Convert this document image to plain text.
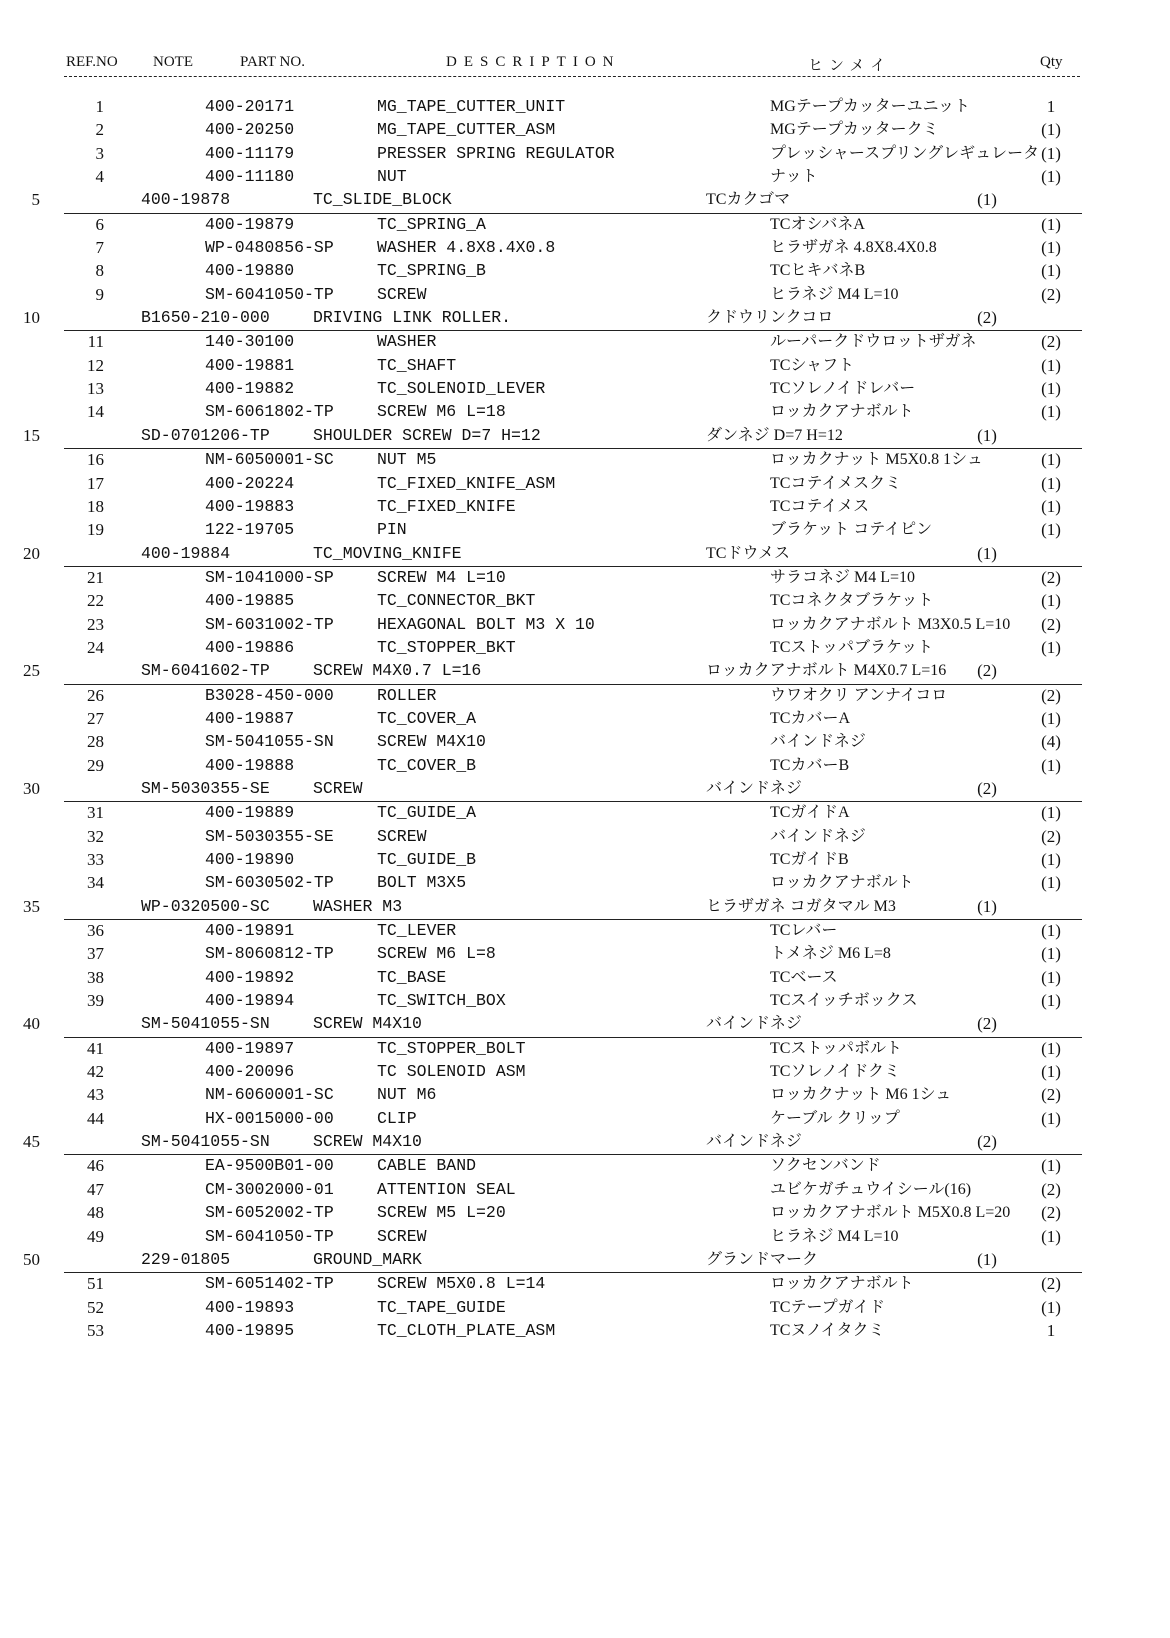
REF.NO NOTE	PART NO.	DESCRIPTION	ヒンメイ	Qty
1	400-20171	MG_TAPE_CUTTER_UNIT	MGテープカッターユニット	1
2	400-20250	MG_TAPE_CUTTER_ASM	MGテープカッタークミ	(1)
3	400-11179	PRESSER SPRING REGULATOR	プレッシャースプリングレギュレータ (1)
4	400-11180	NUT	ナット	(1)
5	400-19878	TC_SLIDE_BLOCK	TCカクゴマ	(1)
6	400-19879	TC_SPRING_A	TCオシバネA	(1)
7	WP-0480856-SP	WASHER 4.8X8.4X0.8	ヒラザガネ 4.8X8.4X0.8	(1)
8	400-19880	TC_SPRING_B	TCヒキバネB	(1)
9	SM-6041050-TP	SCREW	ヒラネジ M4 L=10	(2)
10	B1650-210-000	DRIVING LINK ROLLER.	クドウリンクコロ	(2)
11	140-30100	WASHER	ルーパークドウロットザガネ	(2)
12	400-19881	TC_SHAFT	TCシャフト	(1)
13	400-19882	TC_SOLENOID_LEVER	TCソレノイドレバー	(1)
14	SM-6061802-TP	SCREW M6 L=18	ロッカクアナボルト	(1)
15	SD-0701206-TP	SHOULDER SCREW D=7 H=12	ダンネジ D=7 H=12	(1)
16	NM-6050001-SC	NUT M5	ロッカクナット M5X0.8 1シュ	(1)
17	400-20224	TC_FIXED_KNIFE_ASM	TCコテイメスクミ	(1)
18	400-19883	TC_FIXED_KNIFE	TCコテイメス	(1)
19	122-19705	PIN	ブラケット コテイピン	(1)
20	400-19884	TC_MOVING_KNIFE	TCドウメス	(1)
21	SM-1041000-SP	SCREW M4 L=10	サラコネジ M4 L=10	(2)
22	400-19885	TC_CONNECTOR_BKT	TCコネクタブラケット	(1)
23	SM-6031002-TP	HEXAGONAL BOLT M3 X 10	ロッカクアナボルト M3X0.5 L=10	(2)
24	400-19886	TC_STOPPER_BKT	TCストッパブラケット	(1)
25	SM-6041602-TP	SCREW M4X0.7 L=16	ロッカクアナボルト M4X0.7 L=16	(2)
26	B3028-450-000	ROLLER	ウワオクリ アンナイコロ	(2)
27	400-19887	TC_COVER_A	TCカバーA	(1)
28	SM-5041055-SN	SCREW M4X10	バインドネジ	(4)
29	400-19888	TC_COVER_B	TCカバーB	(1)
30	SM-5030355-SE	SCREW	バインドネジ	(2)
31	400-19889	TC_GUIDE_A	TCガイドA	(1)
32	SM-5030355-SE	SCREW	バインドネジ	(2)
33	400-19890	TC_GUIDE_B	TCガイドB	(1)
34	SM-6030502-TP	BOLT M3X5	ロッカクアナボルト	(1)
35	WP-0320500-SC	WASHER M3	ヒラザガネ コガタマル M3	(1)
36	400-19891	TC_LEVER	TCレバー	(1)
37	SM-8060812-TP	SCREW M6 L=8	トメネジ M6 L=8	(1)
38	400-19892	TC_BASE	TCベース	(1)
39	400-19894	TC_SWITCH_BOX	TCスイッチボックス	(1)
40	SM-5041055-SN	SCREW M4X10	バインドネジ	(2)
41	400-19897	TC_STOPPER_BOLT	TCストッパボルト	(1)
42	400-20096	TC SOLENOID ASM	TCソレノイドクミ	(1)
43	NM-6060001-SC	NUT M6	ロッカクナット M6 1シュ	(2)
44	HX-0015000-00	CLIP	ケーブル クリップ	(1)
45	SM-5041055-SN	SCREW M4X10	バインドネジ	(2)
46	EA-9500B01-00	CABLE BAND	ソクセンバンド	(1)
47	CM-3002000-01	ATTENTION SEAL	ユビケガチュウイシール(16)	(2)
48	SM-6052002-TP	SCREW M5 L=20	ロッカクアナボルト M5X0.8 L=20	(2)
49	SM-6041050-TP	SCREW	ヒラネジ M4 L=10	(1)
50	229-01805	GROUND_MARK	グランドマーク	(1)
51	SM-6051402-TP	SCREW M5X0.8 L=14	ロッカクアナボルト	(2)
52	400-19893	TC_TAPE_GUIDE	TCテープガイド	(1)
53	400-19895	TC_CLOTH_PLATE_ASM	TCヌノイタクミ	1
